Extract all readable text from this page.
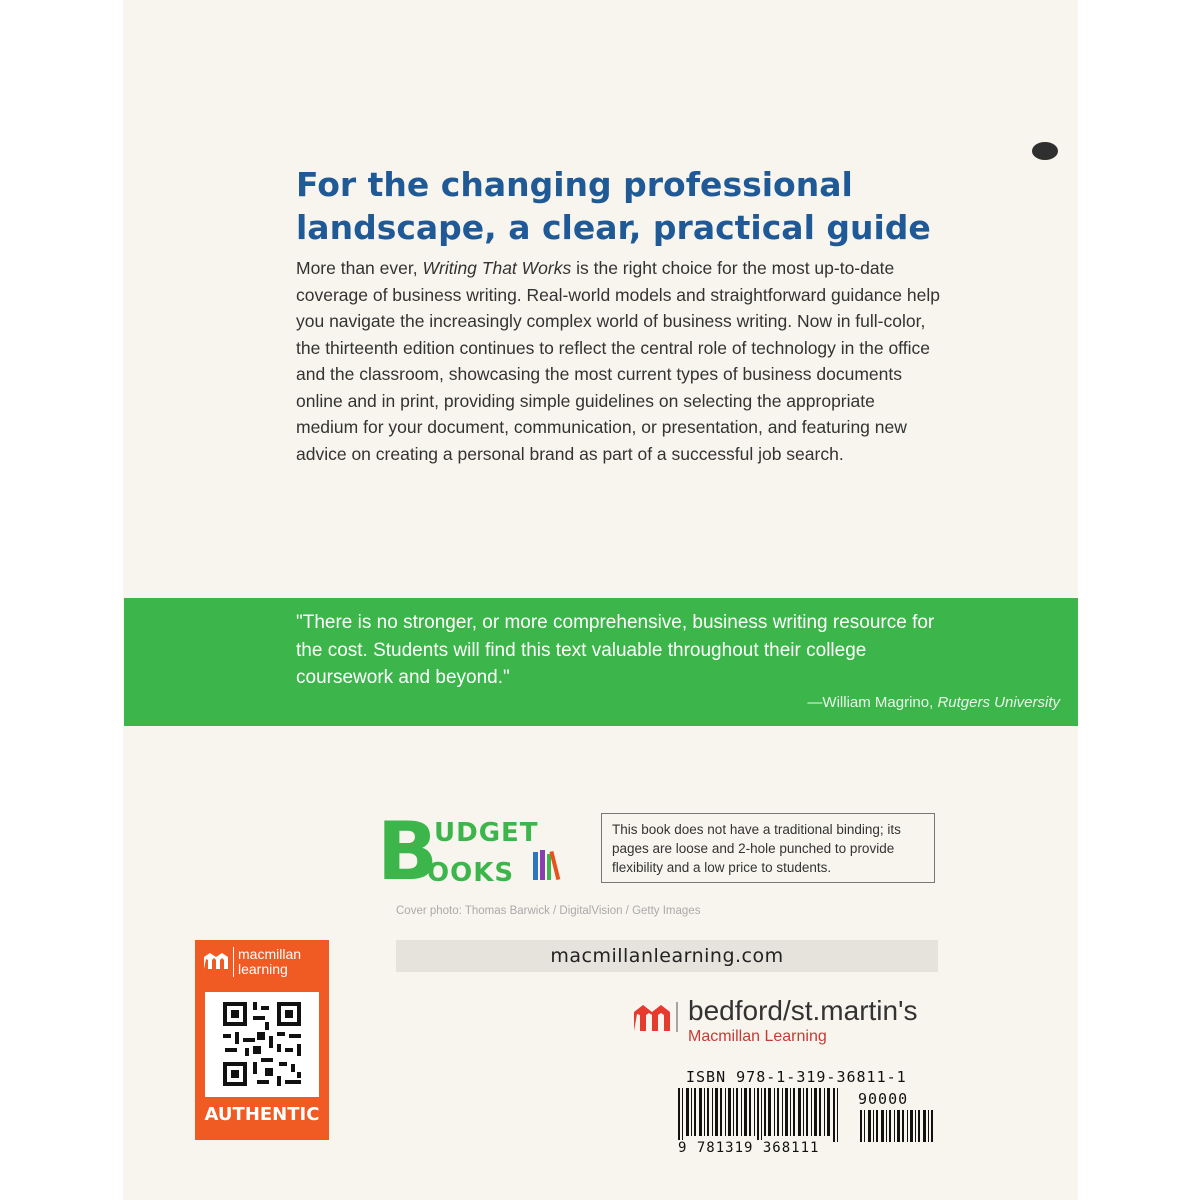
For the changing professional landscape, a clear, practical guide

More than ever, Writing That Works is the right choice for the most up-to-date coverage of business writing. Real-world models and straightforward guidance help you navigate the increasingly complex world of business writing. Now in full-color, the thirteenth edition continues to reflect the central role of technology in the office and the classroom, showcasing the most current types of business documents online and in print, providing simple guidelines on selecting the appropriate medium for your document, communication, or presentation, and featuring new advice on creating a personal brand as part of a successful job search.

"There is no stronger, or more comprehensive, business writing resource for the cost. Students will find this text valuable throughout their college coursework and beyond."
—William Magrino, Rutgers University
B
UDGET
OOKS
This book does not have a traditional binding; its pages are loose and 2-hole punched to provide flexibility and a low price to students.
Cover photo: Thomas Barwick / DigitalVision / Getty Images
macmillanlearning.com
macmillan learning
AUTHENTIC
bedford/st.martin's
Macmillan Learning
ISBN 978-1-319-36811-1
90000
9 781319 368111
